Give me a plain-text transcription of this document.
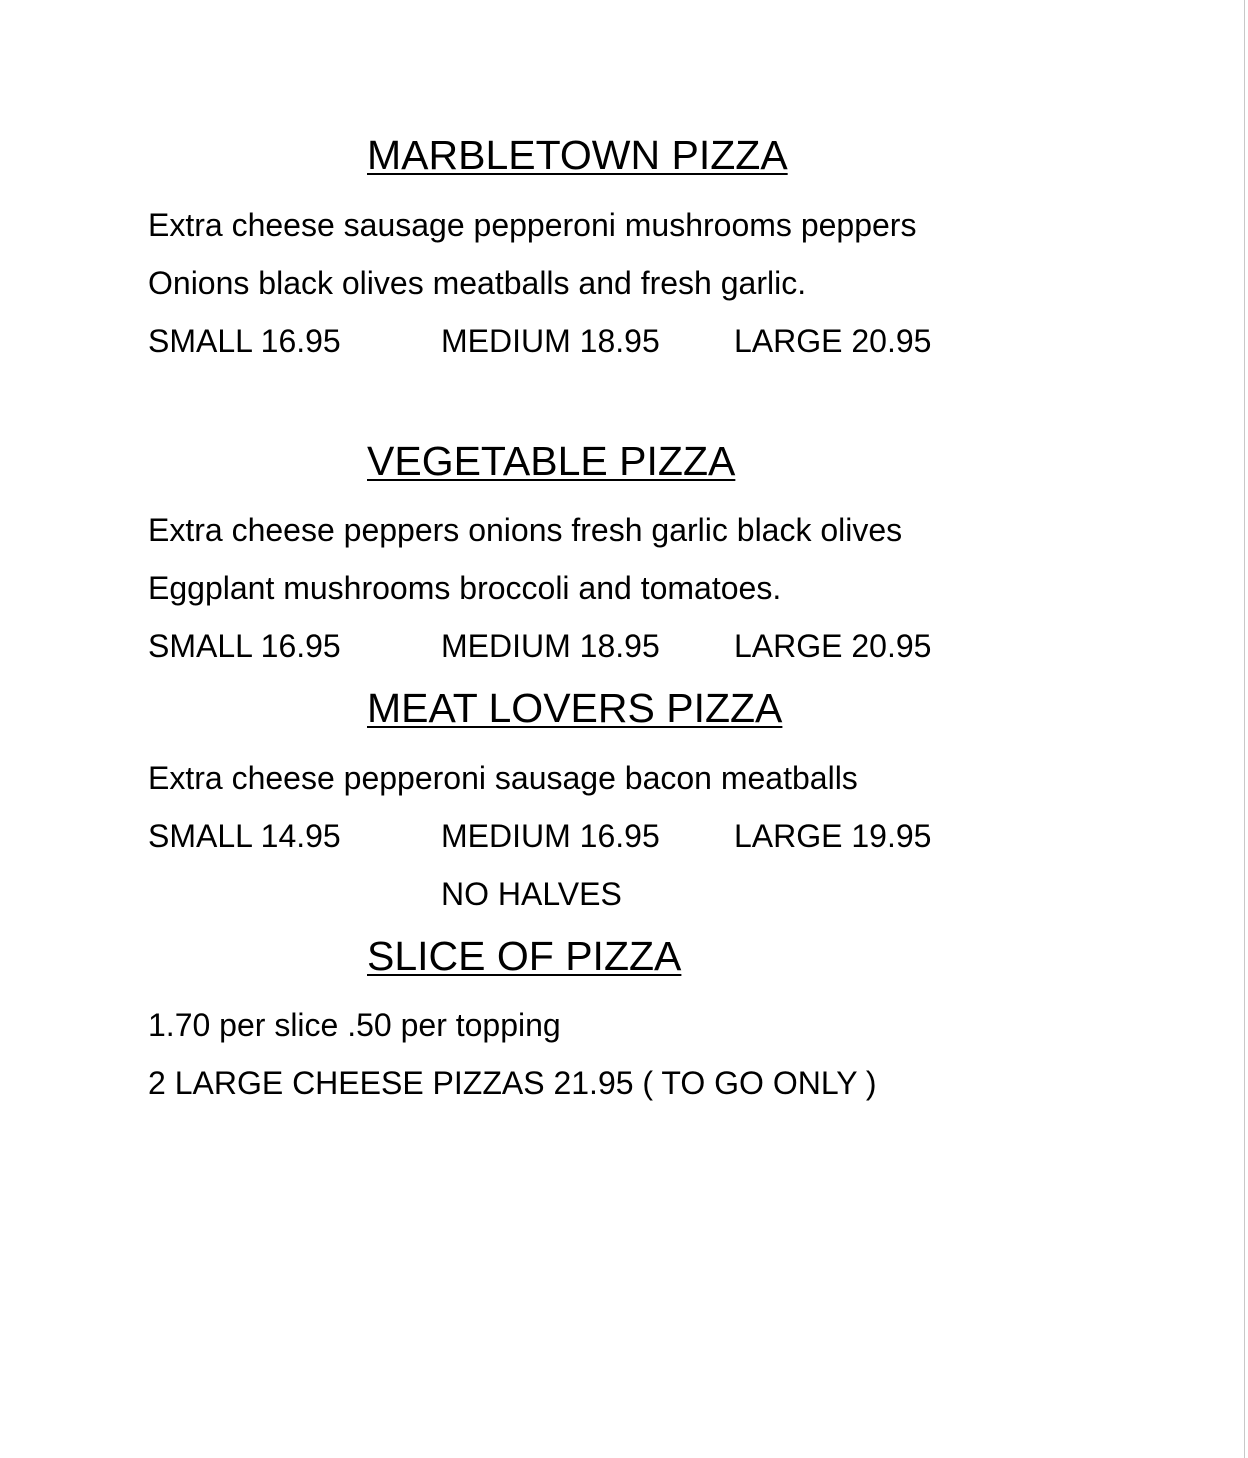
MARBLETOWN PIZZA
Extra cheese sausage pepperoni mushrooms peppers
Onions black olives meatballs and fresh garlic.
SMALL 16.95	MEDIUM 18.95 LARGE 20.95
VEGETABLE PIZZA
Extra cheese peppers onions fresh garlic black olives
Eggplant mushrooms broccoli and tomatoes.
SMALL 16.95	MEDIUM 18.95 LARGE 20.95
MEAT LOVERS PIZZA
Extra cheese pepperoni sausage bacon meatballs
SMALL 14.95	MEDIUM 16.95 LARGE 19.95
NO HALVES
SLICE OF PIZZA
1.70 per slice .50 per topping
2 LARGE CHEESE PIZZAS 21.95 ( TO GO ONLY )
